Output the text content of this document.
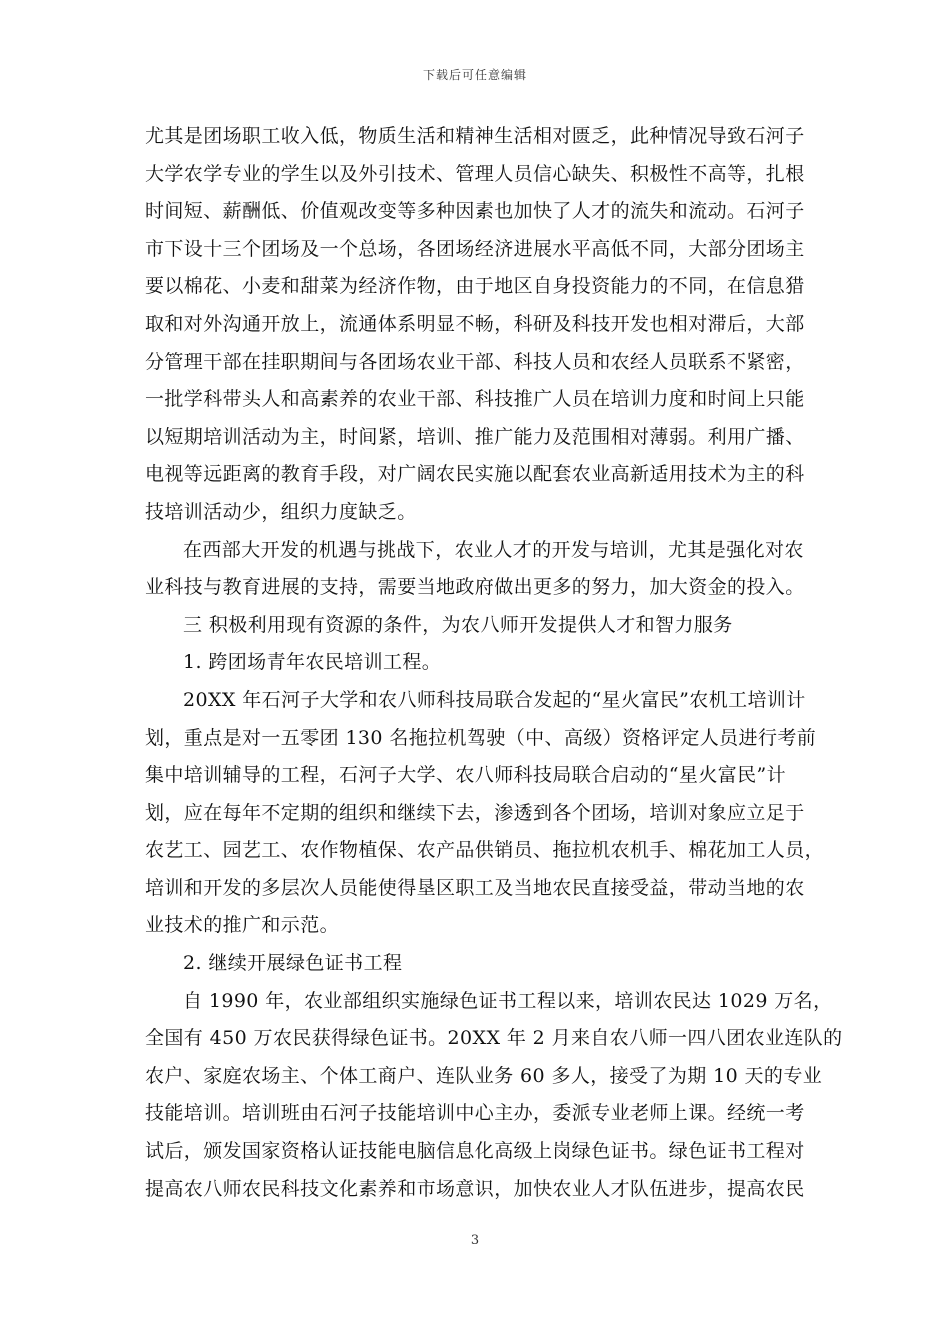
下载后可任意编辑
尤其是团场职工收入低，物质生活和精神生活相对匮乏，此种情况导致石河子
大学农学专业的学生以及外引技术、管理人员信心缺失、积极性不高等，扎根
时间短、薪酬低、价值观改变等多种因素也加快了人才的流失和流动。石河子
市下设十三个团场及一个总场，各团场经济进展水平高低不同，大部分团场主
要以棉花、小麦和甜菜为经济作物，由于地区自身投资能力的不同，在信息猎
取和对外沟通开放上，流通体系明显不畅，科研及科技开发也相对滞后，大部
分管理干部在挂职期间与各团场农业干部、科技人员和农经人员联系不紧密，
一批学科带头人和高素养的农业干部、科技推广人员在培训力度和时间上只能
以短期培训活动为主，时间紧，培训、推广能力及范围相对薄弱。利用广播、
电视等远距离的教育手段，对广阔农民实施以配套农业高新适用技术为主的科
技培训活动少，组织力度缺乏。
在西部大开发的机遇与挑战下，农业人才的开发与培训，尤其是强化对农
业科技与教育进展的支持，需要当地政府做出更多的努力，加大资金的投入。
三 积极利用现有资源的条件，为农八师开发提供人才和智力服务
1. 跨团场青年农民培训工程。
20XX 年石河子大学和农八师科技局联合发起的“星火富民”农机工培训计
划，重点是对一五零团 130 名拖拉机驾驶（中、高级）资格评定人员进行考前
集中培训辅导的工程，石河子大学、农八师科技局联合启动的“星火富民”计
划，应在每年不定期的组织和继续下去，渗透到各个团场，培训对象应立足于
农艺工、园艺工、农作物植保、农产品供销员、拖拉机农机手、棉花加工人员，
培训和开发的多层次人员能使得垦区职工及当地农民直接受益，带动当地的农
业技术的推广和示范。
2. 继续开展绿色证书工程
自 1990 年，农业部组织实施绿色证书工程以来，培训农民达 1029 万名，
全国有 450 万农民获得绿色证书。20XX 年 2 月来自农八师一四八团农业连队的
农户、家庭农场主、个体工商户、连队业务 60 多人，接受了为期 10 天的专业
技能培训。培训班由石河子技能培训中心主办，委派专业老师上课。经统一考
试后，颁发国家资格认证技能电脑信息化高级上岗绿色证书。绿色证书工程对
提高农八师农民科技文化素养和市场意识，加快农业人才队伍进步，提高农民
3
